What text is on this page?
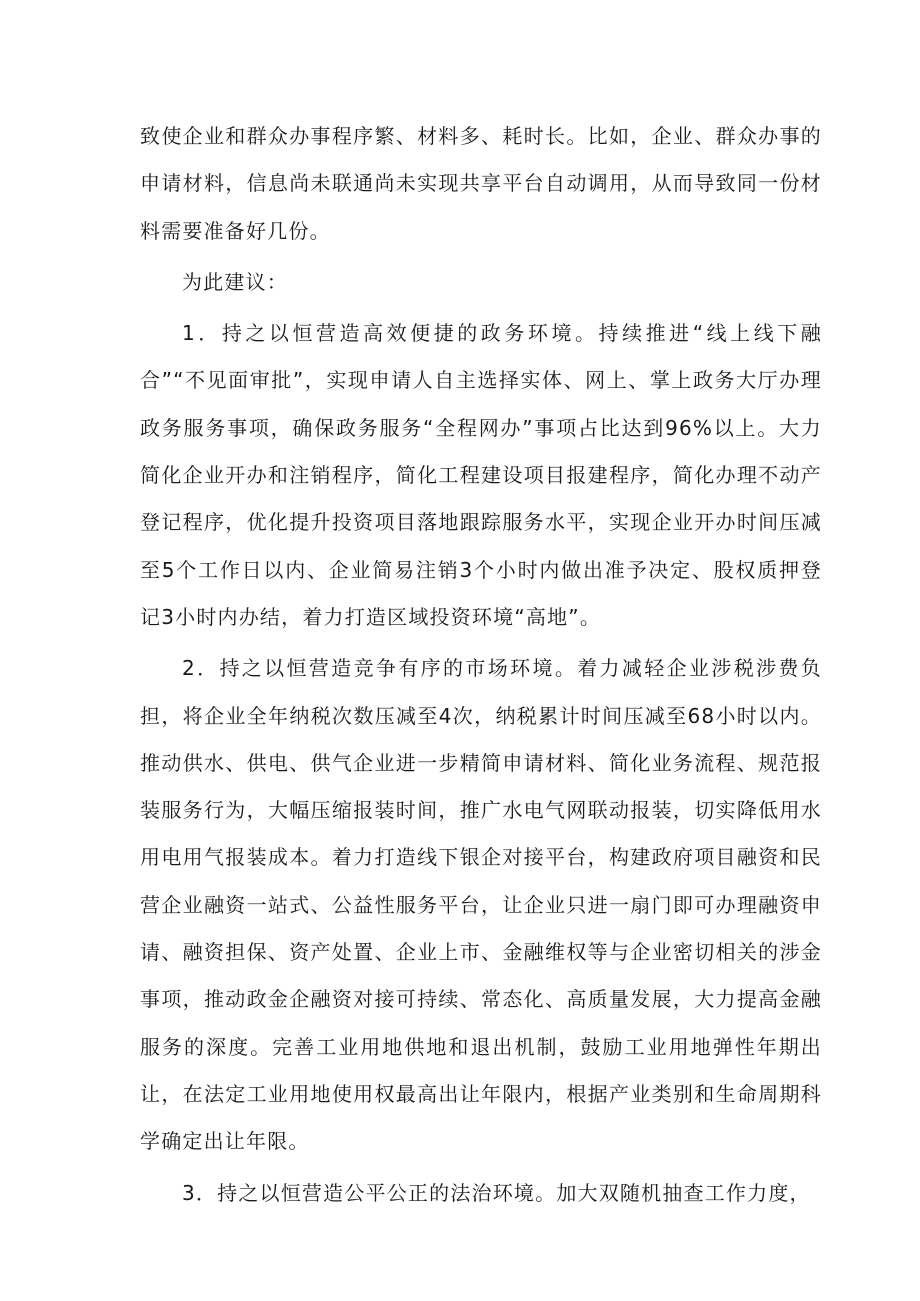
致使企业和群众办事程序繁、材料多、耗时长。比如，企业、群众办事的申请材料，信息尚未联通尚未实现共享平台自动调用，从而导致同一份材料需要准备好几份。

为此建议：

1．持之以恒营造高效便捷的政务环境。持续推进“线上线下融合”“不见面审批”，实现申请人自主选择实体、网上、掌上政务大厅办理政务服务事项，确保政务服务“全程网办”事项占比达到96%以上。大力简化企业开办和注销程序，简化工程建设项目报建程序，简化办理不动产登记程序，优化提升投资项目落地跟踪服务水平，实现企业开办时间压减至5个工作日以内、企业简易注销3个小时内做出准予决定、股权质押登记3小时内办结，着力打造区域投资环境“高地”。

2．持之以恒营造竞争有序的市场环境。着力减轻企业涉税涉费负担，将企业全年纳税次数压减至4次，纳税累计时间压减至68小时以内。推动供水、供电、供气企业进一步精简申请材料、简化业务流程、规范报装服务行为，大幅压缩报装时间，推广水电气网联动报装，切实降低用水用电用气报装成本。着力打造线下银企对接平台，构建政府项目融资和民营企业融资一站式、公益性服务平台，让企业只进一扇门即可办理融资申请、融资担保、资产处置、企业上市、金融维权等与企业密切相关的涉金事项，推动政金企融资对接可持续、常态化、高质量发展，大力提高金融服务的深度。完善工业用地供地和退出机制，鼓励工业用地弹性年期出让，在法定工业用地使用权最高出让年限内，根据产业类别和生命周期科学确定出让年限。

3．持之以恒营造公平公正的法治环境。加大双随机抽查工作力度，
